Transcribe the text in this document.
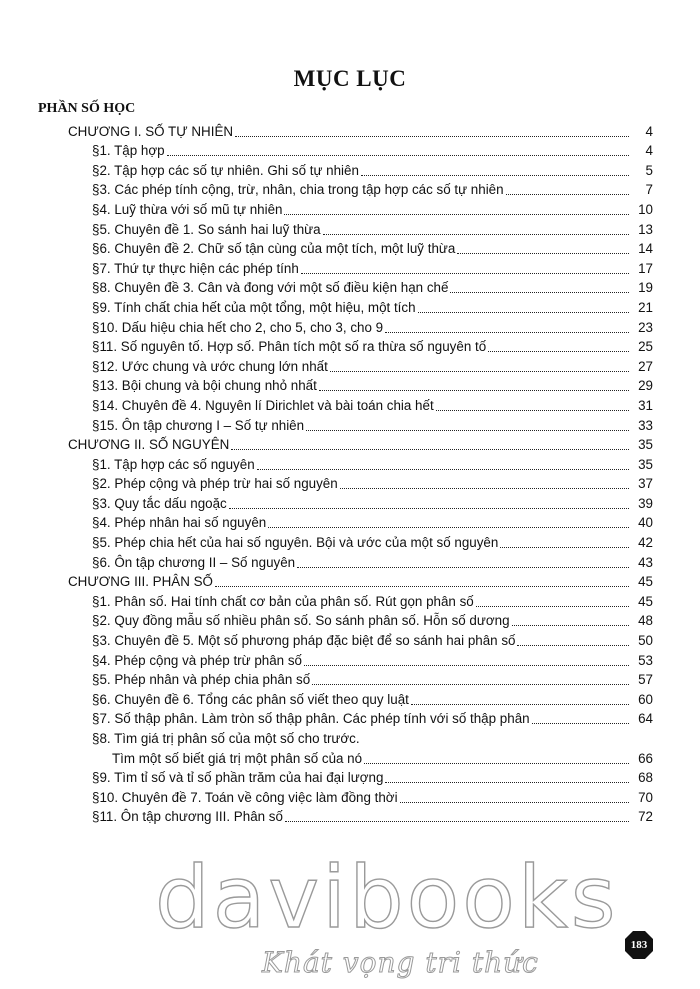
MỤC LỤC
PHẦN SỐ HỌC
CHƯƠNG I. SỐ TỰ NHIÊN	4
§1. Tập hợp	4
§2. Tập hợp các số tự nhiên. Ghi số tự nhiên	5
§3. Các phép tính cộng, trừ, nhân, chia trong tập hợp các số tự nhiên	7
§4. Luỹ thừa với số mũ tự nhiên	10
§5. Chuyên đề 1. So sánh hai luỹ thừa	13
§6. Chuyên đề 2. Chữ số tận cùng của một tích, một luỹ thừa	14
§7. Thứ tự thực hiện các phép tính	17
§8. Chuyên đề 3. Cân và đong với một số điều kiện hạn chế	19
§9. Tính chất chia hết của một tổng, một hiệu, một tích	21
§10. Dấu hiệu chia hết cho 2, cho 5, cho 3, cho 9	23
§11. Số nguyên tố. Hợp số. Phân tích một số ra thừa số nguyên tố	25
§12. Ước chung và ước chung lớn nhất	27
§13. Bội chung và bội chung nhỏ nhất	29
§14. Chuyên đề 4. Nguyên lí Dirichlet và bài toán chia hết	31
§15. Ôn tập chương I – Số tự nhiên	33
CHƯƠNG II. SỐ NGUYÊN	35
§1. Tập hợp các số nguyên	35
§2. Phép cộng và phép trừ hai số nguyên	37
§3. Quy tắc dấu ngoặc	39
§4. Phép nhân hai số nguyên	40
§5. Phép chia hết của hai số nguyên. Bội và ước của một số nguyên	42
§6. Ôn tập chương II – Số nguyên	43
CHƯƠNG III. PHÂN SỐ	45
§1. Phân số. Hai tính chất cơ bản của phân số. Rút gọn phân số	45
§2. Quy đồng mẫu số nhiều phân số. So sánh phân số. Hỗn số dương	48
§3. Chuyên đề 5. Một số phương pháp đặc biệt để so sánh hai phân số	50
§4. Phép cộng và phép trừ phân số	53
§5. Phép nhân và phép chia phân số	57
§6. Chuyên đề 6. Tổng các phân số viết theo quy luật	60
§7. Số thập phân. Làm tròn số thập phân. Các phép tính với số thập phân	64
§8. Tìm giá trị phân số của một số cho trước.
Tìm một số biết giá trị một phân số của nó	66
§9. Tìm tỉ số và tỉ số phần trăm của hai đại lượng	68
§10. Chuyên đề 7. Toán về công việc làm đồng thời	70
§11. Ôn tập chương III. Phân số	72
davibooks
Khát vọng tri thức
183
